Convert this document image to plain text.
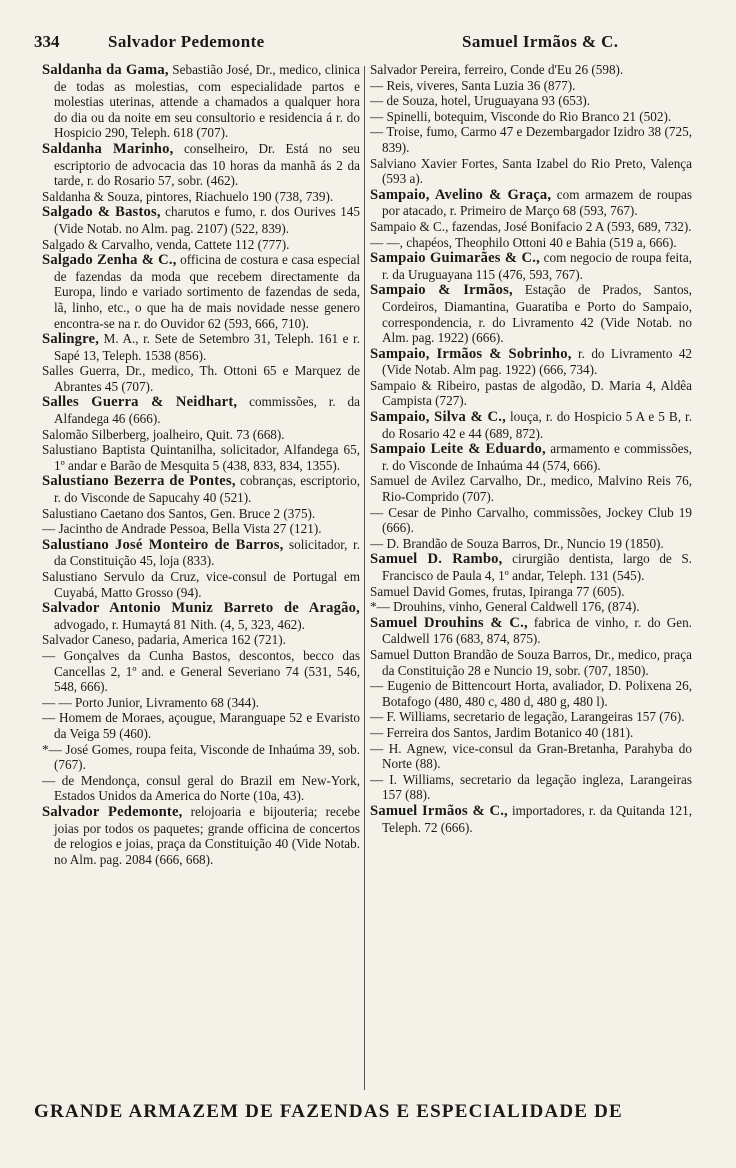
334	Salvador Pedemonte	Samuel Irmãos & C.

Saldanha da Gama, Sebastião José, Dr., medico, clinica de todas as molestias, com especialidade partos e molestias uterinas, attende a chamados a qualquer hora do dia ou da noite em seu consultorio e residencia á r. do Hospicio 290, Teleph. 618 (707).

Saldanha Marinho, conselheiro, Dr. Está no seu escriptorio de advocacia das 10 horas da manhã ás 2 da tarde, r. do Rosario 57, sobr. (462).

Saldanha & Souza, pintores, Riachuelo 190 (738, 739).

Salgado & Bastos, charutos e fumo, r. dos Ourives 145 (Vide Notab. no Alm. pag. 2107) (522, 839).

Salgado & Carvalho, venda, Cattete 112 (777).

Salgado Zenha & C., officina de costura e casa especial de fazendas da moda que recebem directamente da Europa, lindo e variado sortimento de fazendas de seda, lã, linho, etc., o que ha de mais novidade nesse genero encontra-se na r. do Ouvidor 62 (593, 666, 710).

Salingre, M. A., r. Sete de Setembro 31, Teleph. 161 e r. Sapé 13, Teleph. 1538 (856).

Salles Guerra, Dr., medico, Th. Ottoni 65 e Marquez de Abrantes 45 (707).

Salles Guerra & Neidhart, commissões, r. da Alfandega 46 (666).

Salomão Silberberg, joalheiro, Quit. 73 (668).

Salustiano Baptista Quintanilha, solicitador, Alfandega 65, 1º andar e Barão de Mesquita 5 (438, 833, 834, 1355).

Salustiano Bezerra de Pontes, cobranças, escriptorio, r. do Visconde de Sapucahy 40 (521).

Salustiano Caetano dos Santos, Gen. Bruce 2 (375).

— Jacintho de Andrade Pessoa, Bella Vista 27 (121).

Salustiano José Monteiro de Barros, solicitador, r. da Constituição 45, loja (833).

Salustiano Servulo da Cruz, vice-consul de Portugal em Cuyabá, Matto Grosso (94).

Salvador Antonio Muniz Barreto de Aragão, advogado, r. Humaytá 81 Nith. (4, 5, 323, 462).

Salvador Caneso, padaria, America 162 (721).

— Gonçalves da Cunha Bastos, descontos, becco das Cancellas 2, 1º and. e General Severiano 74 (531, 546, 548, 666).

— — Porto Junior, Livramento 68 (344).

— Homem de Moraes, açougue, Maranguape 52 e Evaristo da Veiga 59 (460).

*— José Gomes, roupa feita, Visconde de Inhaúma 39, sob. (767).

— de Mendonça, consul geral do Brazil em New-York, Estados Unidos da America do Norte (10a, 43).

Salvador Pedemonte, relojoaria e bijouteria; recebe joias por todos os paquetes; grande officina de concertos de relogios e joias, praça da Constituição 40 (Vide Notab. no Alm. pag. 2084 (666, 668).

Salvador Pereira, ferreiro, Conde d'Eu 26 (598).

— Reis, viveres, Santa Luzia 36 (877).

— de Souza, hotel, Uruguayana 93 (653).

— Spinelli, botequim, Visconde do Rio Branco 21 (502).

— Troise, fumo, Carmo 47 e Dezembargador Izidro 38 (725, 839).

Salviano Xavier Fortes, Santa Izabel do Rio Preto, Valença (593 a).

Sampaio, Avelino & Graça, com armazem de roupas por atacado, r. Primeiro de Março 68 (593, 767).

Sampaio & C., fazendas, José Bonifacio 2 A (593, 689, 732).

— —, chapéos, Theophilo Ottoni 40 e Bahia (519 a, 666).

Sampaio Guimarães & C., com negocio de roupa feita, r. da Uruguayana 115 (476, 593, 767).

Sampaio & Irmãos, Estação de Prados, Santos, Cordeiros, Diamantina, Guaratiba e Porto do Sampaio, correspondencia, r. do Livramento 42 (Vide Notab. no Alm. pag. 1922) (666).

Sampaio, Irmãos & Sobrinho, r. do Livramento 42 (Vide Notab. Alm pag. 1922) (666, 734).

Sampaio & Ribeiro, pastas de algodão, D. Maria 4, Aldêa Campista (727).

Sampaio, Silva & C., louça, r. do Hospicio 5 A e 5 B, r. do Rosario 42 e 44 (689, 872).

Sampaio Leite & Eduardo, armamento e commissões, r. do Visconde de Inhaúma 44 (574, 666).

Samuel de Avilez Carvalho, Dr., medico, Malvino Reis 76, Rio-Comprido (707).

— Cesar de Pinho Carvalho, commissões, Jockey Club 19 (666).

— D. Brandão de Souza Barros, Dr., Nuncio 19 (1850).

Samuel D. Rambo, cirurgião dentista, largo de S. Francisco de Paula 4, 1º andar, Teleph. 131 (545).

Samuel David Gomes, frutas, Ipiranga 77 (605).

*— Drouhins, vinho, General Caldwell 176, (874).

Samuel Drouhins & C., fabrica de vinho, r. do Gen. Caldwell 176 (683, 874, 875).

Samuel Dutton Brandão de Souza Barros, Dr., medico, praça da Constituição 28 e Nuncio 19, sobr. (707, 1850).

— Eugenio de Bittencourt Horta, avaliador, D. Polixena 26, Botafogo (480, 480 c, 480 d, 480 g, 480 l).

— F. Williams, secretario de legação, Larangeiras 157 (76).

— Ferreira dos Santos, Jardim Botanico 40 (181).

— H. Agnew, vice-consul da Gran-Bretanha, Parahyba do Norte (88).

— I. Williams, secretario da legação ingleza, Larangeiras 157 (88).

Samuel Irmãos & C., importadores, r. da Quitanda 121, Teleph. 72 (666).

GRANDE ARMAZEM DE FAZENDAS E ESPECIALIDADE DE
